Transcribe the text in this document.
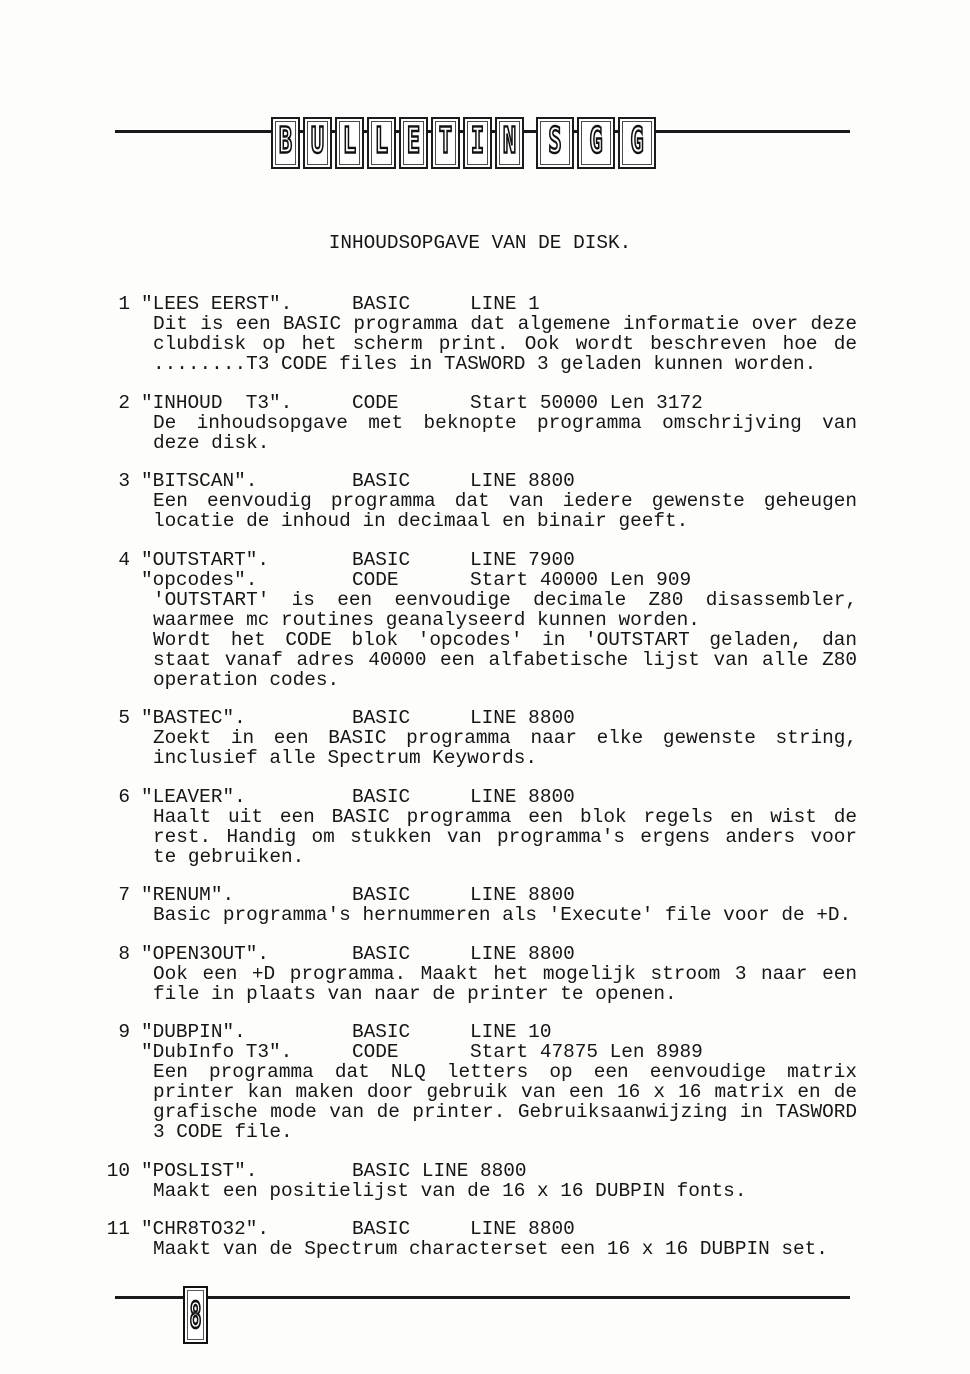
B U L L E T I N S G G
INHOUDSOPGAVE VAN DE DISK.
1 "LEES EERST".	BASIC	LINE 1
Dit is een BASIC programma dat algemene informatie over deze
clubdisk op het scherm print. Ook wordt beschreven hoe de
........T3 CODE files in TASWORD 3 geladen kunnen worden.
2 "INHOUD  T3".	CODE	Start 50000 Len 3172
De inhoudsopgave met beknopte programma omschrijving van
deze disk.
3 "BITSCAN".	BASIC	LINE 8800
Een eenvoudig programma dat van iedere gewenste geheugen
locatie de inhoud in decimaal en binair geeft.
4 "OUTSTART".	BASIC	LINE 7900
"opcodes".	CODE	Start 40000 Len 909
'OUTSTART' is een eenvoudige decimale Z80 disassembler,
waarmee mc routines geanalyseerd kunnen worden.
Wordt het CODE blok 'opcodes' in 'OUTSTART geladen, dan
staat vanaf adres 40000 een alfabetische lijst van alle Z80
operation codes.
5 "BASTEC".	BASIC	LINE 8800
Zoekt in een BASIC programma naar elke gewenste string,
inclusief alle Spectrum Keywords.
6 "LEAVER".	BASIC	LINE 8800
Haalt uit een BASIC programma een blok regels en wist de
rest. Handig om stukken van programma's ergens anders voor
te gebruiken.
7 "RENUM".	BASIC	LINE 8800
Basic programma's hernummeren als 'Execute' file voor de +D.
8 "OPEN3OUT".	BASIC	LINE 8800
Ook een +D programma. Maakt het mogelijk stroom 3 naar een
file in plaats van naar de printer te openen.
9 "DUBPIN".	BASIC	LINE 10
"DubInfo T3".	CODE	Start 47875 Len 8989
Een programma dat NLQ letters op een eenvoudige matrix
printer kan maken door gebruik van een 16 x 16 matrix en de
grafische mode van de printer. Gebruiksaanwijzing in TASWORD
3 CODE file.
10 "POSLIST".	BASIC LINE 8800
Maakt een positielijst van de 16 x 16 DUBPIN fonts.
11 "CHR8TO32".	BASIC	LINE 8800
Maakt van de Spectrum characterset een 16 x 16 DUBPIN set.
8
